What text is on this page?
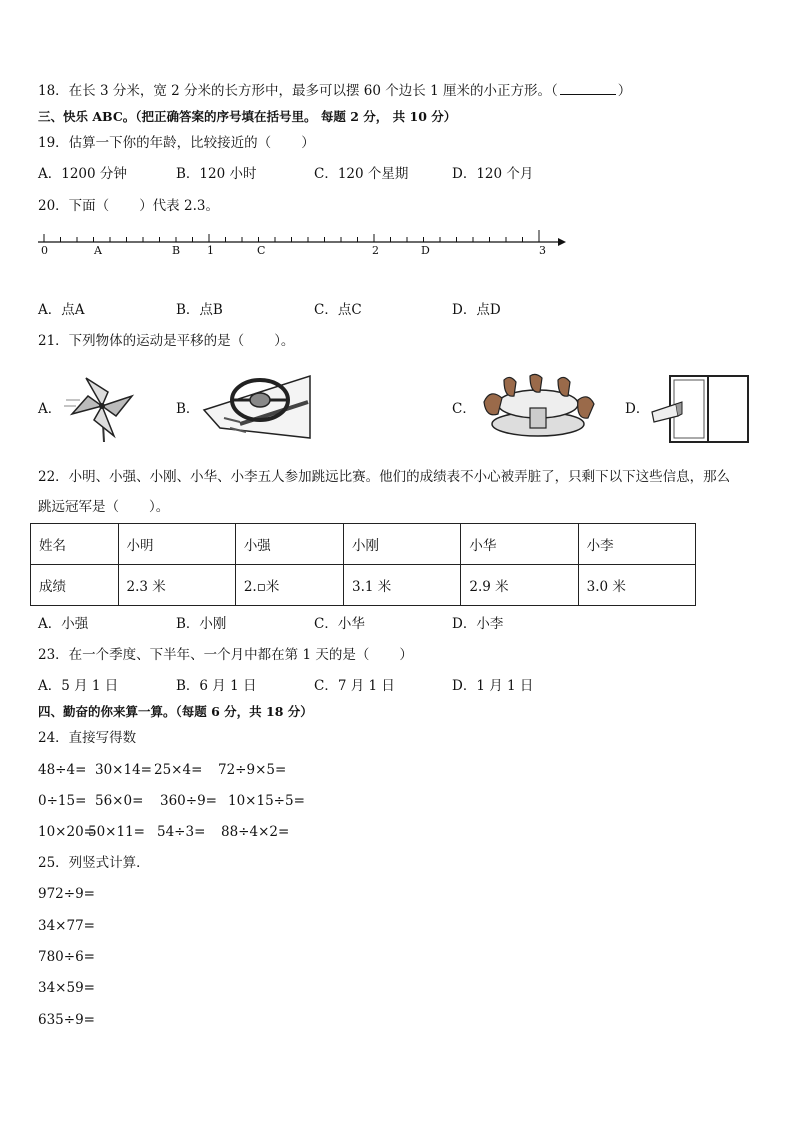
18．在长 3 分米，宽 2 分米的长方形中，最多可以摆 60 个边长 1 厘米的小正方形。（	）
三、快乐 ABC。（把正确答案的序号填在括号里。 每题 2 分， 共 10 分）
19．估算一下你的年龄，比较接近的（ ）
A．1200 分钟	B．120 小时	C．120 个星期	D．120 个月
20．下面（ ）代表 2.3。
0	A	B 1	C	2	D	3
A．点A	B．点B	C．点C	D．点D
21．下列物体的运动是平移的是（ ）。
A．	B．	C．	D．
22．小明、小强、小刚、小华、小李五人参加跳远比赛。他们的成绩表不小心被弄脏了，只剩下以下这些信息，那么
跳远冠军是（ ）。
姓名	小明	小强	小刚	小华	小李
成绩	2.3 米	2.▫米	3.1 米	2.9 米	3.0 米
A．小强	B．小刚	C．小华	D．小李
23．在一个季度、下半年、一个月中都在第 1 天的是（ ）
A．5 月 1 日	B．6 月 1 日	C．7 月 1 日	D．1 月 1 日
四、勤奋的你来算一算。（每题 6 分，共 18 分）
24．直接写得数
48÷4= 30×14= 25×4= 72÷9×5=
0÷15= 56×0= 360÷9= 10×15÷5=
10×20=
50×11= 54÷3= 88÷4×2=
25．列竖式计算．
972÷9=
34×77=
780÷6=
34×59=
635÷9=
